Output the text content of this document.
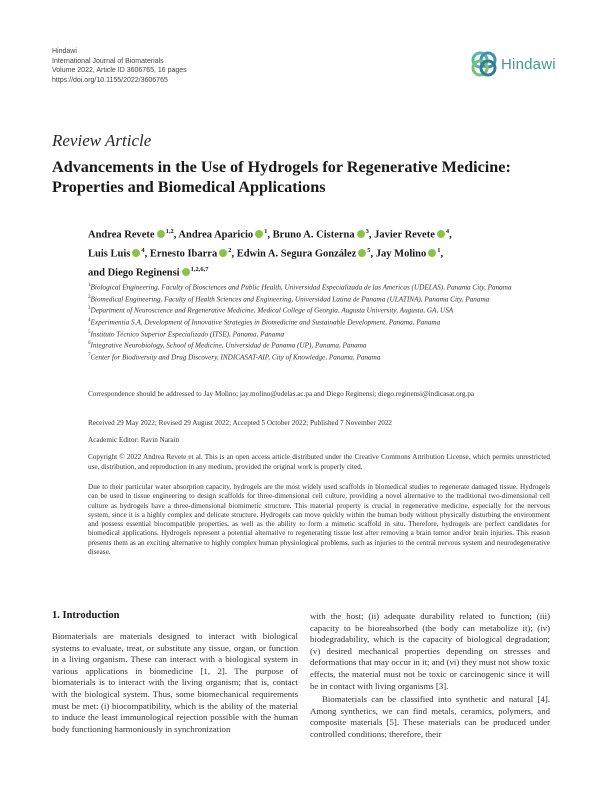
Hindawi
International Journal of Biomaterials
Volume 2022, Article ID 3606765, 16 pages
https://doi.org/10.1155/2022/3606765
Hindawi
Review Article
Advancements in the Use of Hydrogels for Regenerative Medicine: Properties and Biomedical Applications
Andrea Revete $^{1,2}$, Andrea Aparicio $^1$, Bruno A. Cisterna $^3$, Javier Revete $^4$,
Luis Luis $^4$, Ernesto Ibarra $^2$, Edwin A. Segura González $^5$, Jay Molino $^1$,
and Diego Reginensi $^{1,2,6,7}$
$^1$Biological Engineering, Faculty of Biosciences and Public Health, Universidad Especializada de las Americas (UDELAS), Panama City, Panama
$^2$Biomedical Engineering, Faculty of Health Sciences and Engineering, Universidad Latina de Panama (ULATINA), Panama City, Panama
$^3$Department of Neuroscience and Regenerative Medicine, Medical College of Georgia, Augusta University, Augusta, GA, USA
$^4$Experimentia S.A, Development of Innovative Strategies in Biomedicine and Sustainable Development, Panama, Panama
$^5$Instituto Técnico Superior Especializado (ITSE), Panama, Panama
$^6$Integrative Neurobiology, School of Medicine, Universidad de Panama (UP), Panama, Panama
$^7$Center for Biodiversity and Drug Discovery, INDICASAT-AIP, City of Knowledge, Panama, Panama
Correspondence should be addressed to Jay Molino; jay.molino@udelas.ac.pa and Diego Reginensi; diego.reginensi@indicasat.org.pa
Received 29 May 2022; Revised 29 August 2022; Accepted 5 October 2022; Published 7 November 2022
Academic Editor: Ravin Narain
Copyright © 2022 Andrea Revete et al. This is an open access article distributed under the Creative Commons Attribution License, which permits unrestricted use, distribution, and reproduction in any medium, provided the original work is properly cited.
Due to their particular water absorption capacity, hydrogels are the most widely used scaffolds in biomedical studies to regenerate damaged tissue. Hydrogels can be used in tissue engineering to design scaffolds for three-dimensional cell culture, providing a novel alternative to the traditional two-dimensional cell culture as hydrogels have a three-dimensional biomimetic structure. This material property is crucial in regenerative medicine, especially for the nervous system, since it is a highly complex and delicate structure. Hydrogels can move quickly within the human body without physically disturbing the environment and possess essential biocompatible properties, as well as the ability to form a mimetic scaffold in situ. Therefore, hydrogels are perfect candidates for biomedical applications. Hydrogels represent a potential alternative to regenerating tissue lost after removing a brain tumor and/or brain injuries. This reason presents them as an exciting alternative to highly complex human physiological problems, such as injuries to the central nervous system and neurodegenerative disease.
1. Introduction

Biomaterials are materials designed to interact with biological systems to evaluate, treat, or substitute any tissue, organ, or function in a living organism. These can interact with a biological system in various applications in biomedicine [1, 2]. The purpose of biomaterials is to interact with the living organism; that is, contact with the biological system. Thus, some biomechanical requirements must be met: (i) biocompatibility, which is the ability of the material to induce the least immunological rejection possible with the human body functioning harmoniously in synchronization

with the host; (ii) adequate durability related to function; (iii) capacity to be bioreabsorbed (the body can metabolize it); (iv) biodegradability, which is the capacity of biological degradation; (v) desired mechanical properties depending on stresses and deformations that may occur in it; and (vi) they must not show toxic effects, the material must not be toxic or carcinogenic since it will be in contact with living organisms [3].

Biomaterials can be classified into synthetic and natural [4]. Among synthetics, we can find metals, ceramics, polymers, and composite materials [5]. These materials can be produced under controlled conditions; therefore, their
